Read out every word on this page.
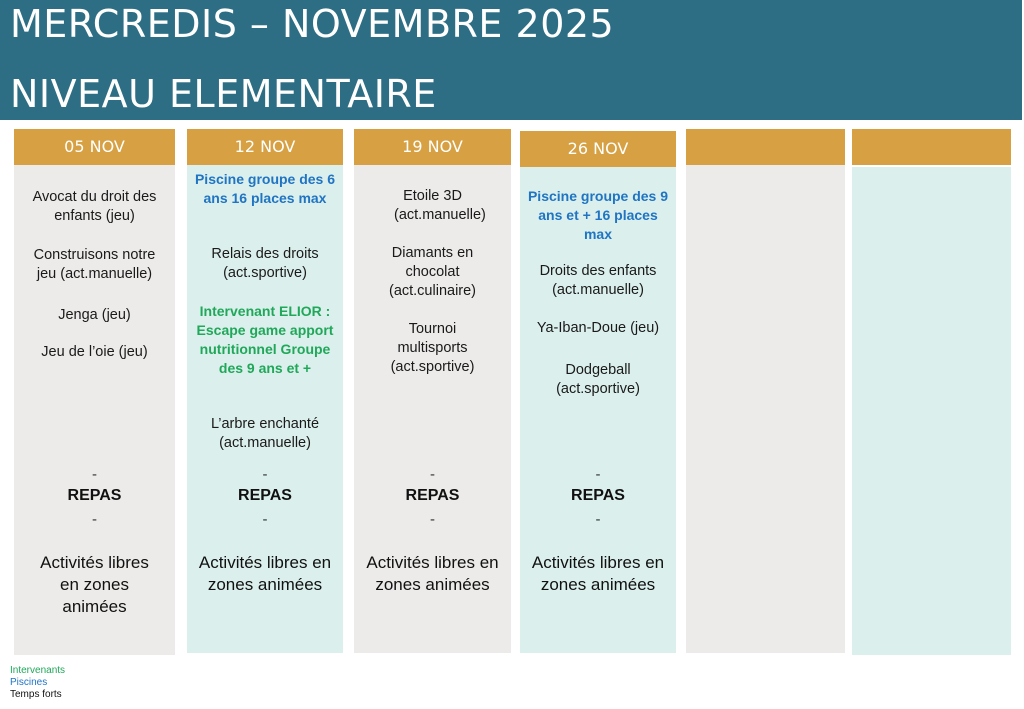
MERCREDIS – NOVEMBRE 2025
NIVEAU ELEMENTAIRE
05 NOV
Avocat du droit des enfants (jeu)
Construisons notre jeu (act.manuelle)
Jenga (jeu)
Jeu de l’oie (jeu)
-
REPAS
-
Activités libres en zones animées
12 NOV
Piscine groupe des 6 ans 16 places max
Relais des droits (act.sportive)
Intervenant ELIOR : Escape game apport nutritionnel Groupe des 9 ans et +
L’arbre enchanté (act.manuelle)
-
REPAS
-
Activités libres en zones animées
19 NOV
Etoile 3D (act.manuelle)
Diamants en chocolat (act.culinaire)
Tournoi multisports (act.sportive)
-
REPAS
-
Activités libres en zones animées
26 NOV
Piscine groupe des 9 ans et + 16 places max
Droits des enfants (act.manuelle)
Ya-Iban-Doue (jeu)
Dodgeball (act.sportive)
-
REPAS
-
Activités libres en zones animées
Intervenants
Piscines
Temps forts
